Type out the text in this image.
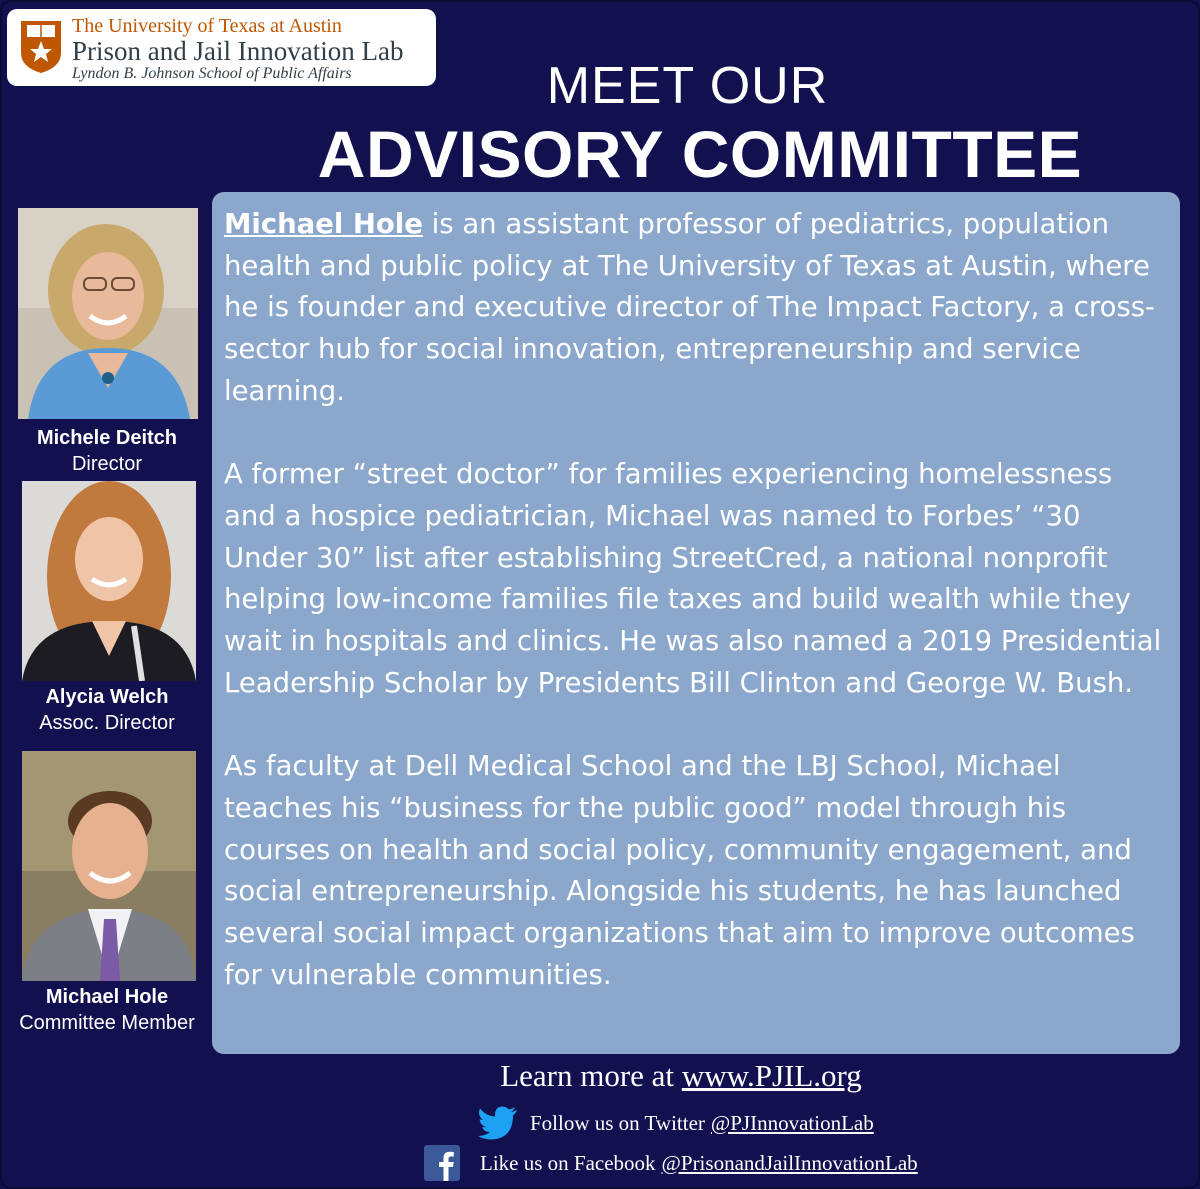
The University of Texas at Austin
Prison and Jail Innovation Lab
Lyndon B. Johnson School of Public Affairs	MEET OUR
ADVISORY COMMITTEE
Michele Deitch
Director
Alycia Welch
Assoc. Director
Michael Hole
Committee Member

Michael Hole is an assistant professor of pediatrics, population health and public policy at The University of Texas at Austin, where he is founder and executive director of The Impact Factory, a cross-sector hub for social innovation, entrepreneurship and service learning.

A former “street doctor” for families experiencing homelessness and a hospice pediatrician, Michael was named to Forbes’ “30 Under 30” list after establishing StreetCred, a national nonprofit helping low-income families file taxes and build wealth while they wait in hospitals and clinics. He was also named a 2019 Presidential Leadership Scholar by Presidents Bill Clinton and George W. Bush.

As faculty at Dell Medical School and the LBJ School, Michael teaches his “business for the public good” model through his courses on health and social policy, community engagement, and social entrepreneurship. Alongside his students, he has launched several social impact organizations that aim to improve outcomes for vulnerable communities.

Learn more at www.PJIL.org
Follow us on Twitter @PJInnovationLab
Like us on Facebook @PrisonandJailInnovationLab
